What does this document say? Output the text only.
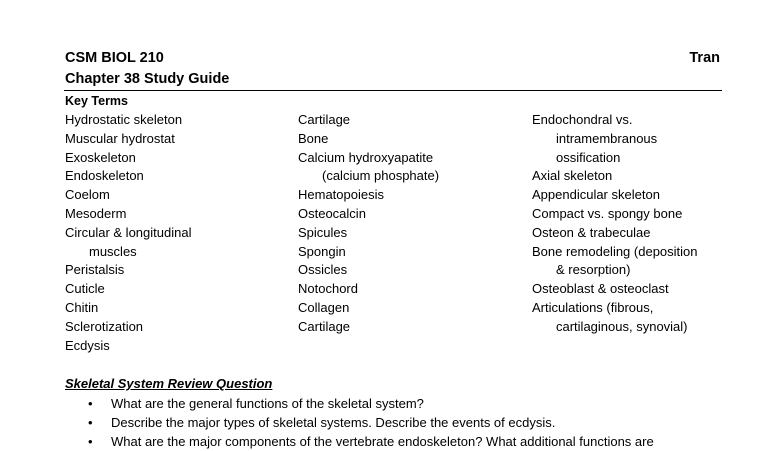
CSM BIOL 210	Tran
Chapter 38 Study Guide
Key Terms
Hydrostatic skeleton
Muscular hydrostat
Exoskeleton
Endoskeleton
Coelom
Mesoderm
Circular & longitudinal
muscles
Peristalsis
Cuticle
Chitin
Sclerotization
Ecdysis
Cartilage
Bone
Calcium hydroxyapatite
(calcium phosphate)
Hematopoiesis
Osteocalcin
Spicules
Spongin
Ossicles
Notochord
Collagen
Cartilage
Endochondral vs.
intramembranous
ossification
Axial skeleton
Appendicular skeleton
Compact vs. spongy bone
Osteon & trabeculae
Bone remodeling (deposition
& resorption)
Osteoblast & osteoclast
Articulations (fibrous,
cartilaginous, synovial)
Skeletal System Review Question
• What are the general functions of the skeletal system?
• Describe the major types of skeletal systems. Describe the events of ecdysis.
• What are the major components of the vertebrate endoskeleton? What additional functions are
